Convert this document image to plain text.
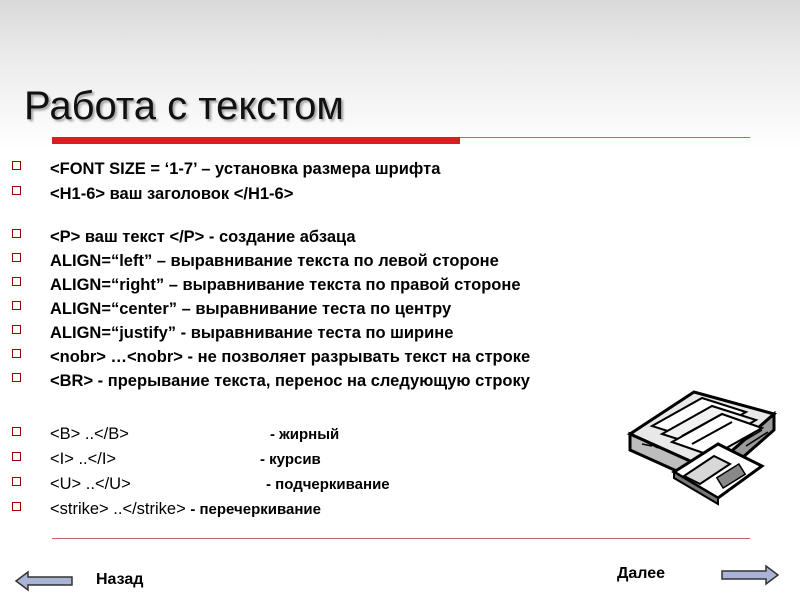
Работа с текстом
<FONT SIZE = ‘1-7’ – установка размера шрифта
<H1-6> ваш заголовок </H1-6>
<P> ваш текст </P> - создание абзаца
ALIGN=“left” – выравнивание текста по левой стороне
ALIGN=“right” – выравнивание текста по правой стороне
ALIGN=“center” – выравнивание теста по центру
ALIGN=“justify” - выравнивание теста по ширине
<nobr> …<nobr> - не позволяет разрывать текст на строке
<BR> - прерывание текста, перенос на следующую строку
<B> ..</B>	- жирный
<I> ..</I>	- курсив
<U> ..</U>	- подчеркивание
<strike> ..</strike> - перечеркивание
Назад	Далее
